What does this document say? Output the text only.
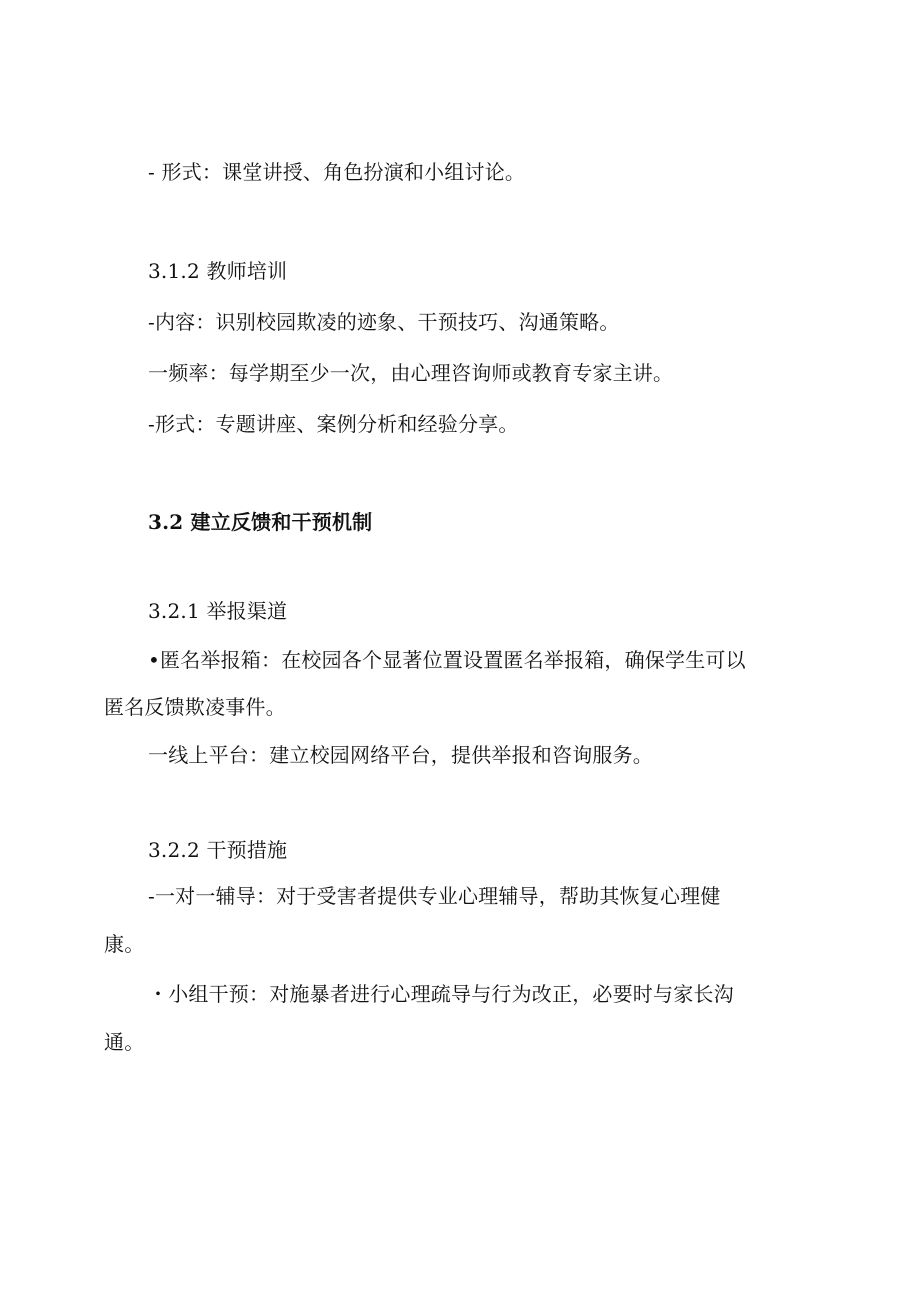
- 形式：课堂讲授、角色扮演和小组讨论。
3.1.2 教师培训
-内容：识别校园欺凌的迹象、干预技巧、沟通策略。
一频率：每学期至少一次，由心理咨询师或教育专家主讲。
-形式：专题讲座、案例分析和经验分享。
3.2 建立反馈和干预机制
3.2.1 举报渠道
•匿名举报箱：在校园各个显著位置设置匿名举报箱，确保学生可以
匿名反馈欺凌事件。
一线上平台：建立校园网络平台，提供举报和咨询服务。
3.2.2 干预措施
-一对一辅导：对于受害者提供专业心理辅导，帮助其恢复心理健
康。
・小组干预：对施暴者进行心理疏导与行为改正，必要时与家长沟
通。
